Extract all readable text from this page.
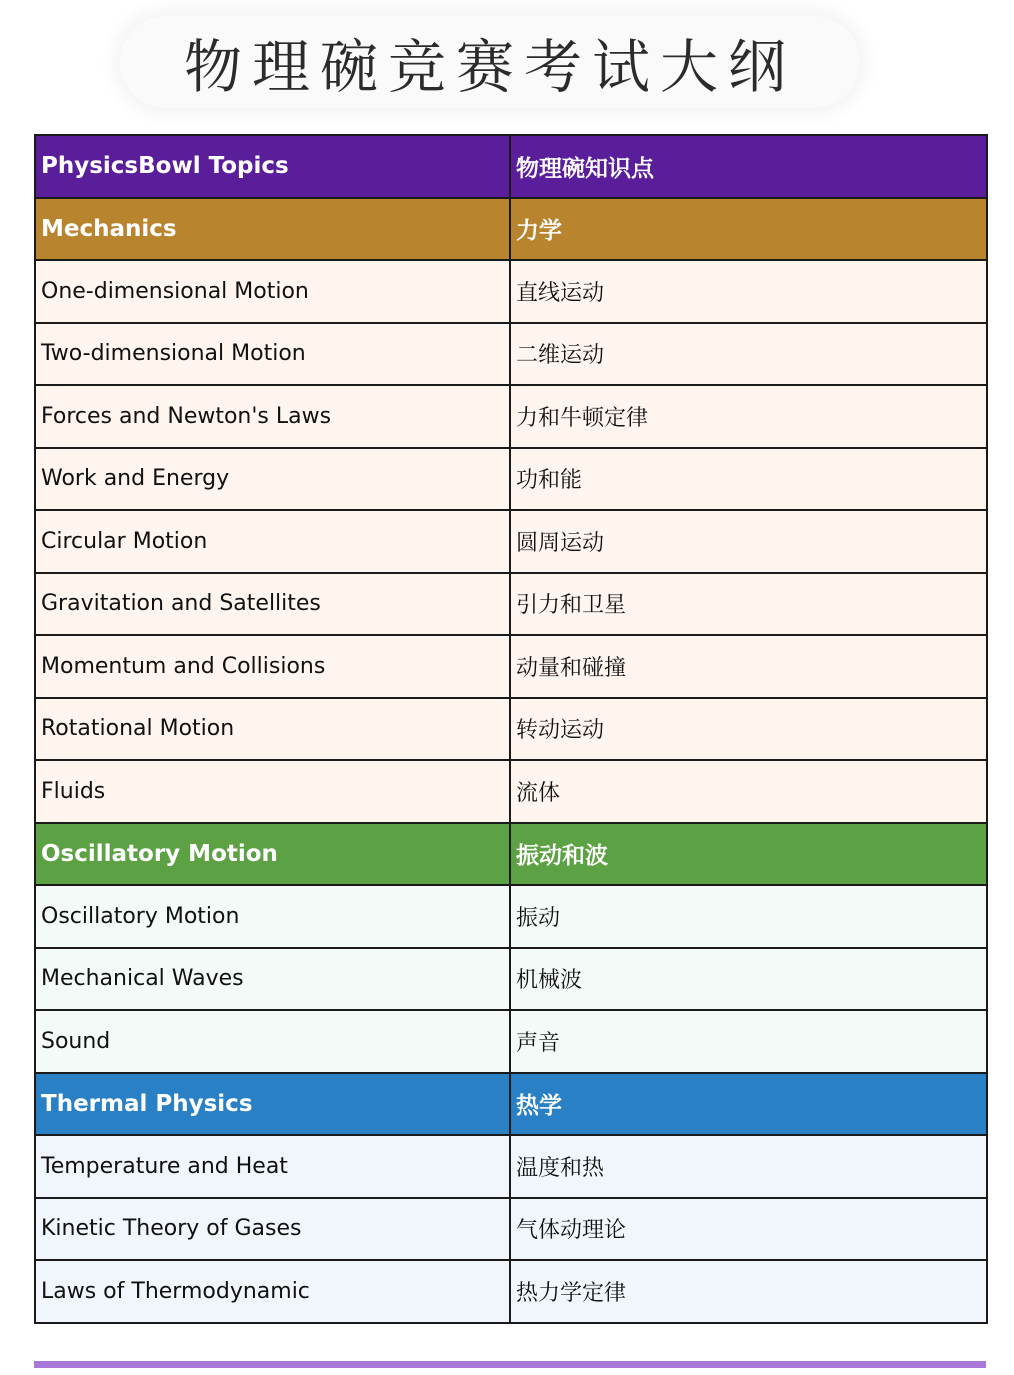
物理碗竞赛考试大纲
PhysicsBowl Topics	物理碗知识点
Mechanics	力学
One-dimensional Motion	直线运动
Two-dimensional Motion	二维运动
Forces and Newton's Laws	力和牛顿定律
Work and Energy	功和能
Circular Motion	圆周运动
Gravitation and Satellites	引力和卫星
Momentum and Collisions	动量和碰撞
Rotational Motion	转动运动
Fluids	流体
Oscillatory Motion	振动和波
Oscillatory Motion	振动
Mechanical Waves	机械波
Sound	声音
Thermal Physics	热学
Temperature and Heat	温度和热
Kinetic Theory of Gases	气体动理论
Laws of Thermodynamic	热力学定律
